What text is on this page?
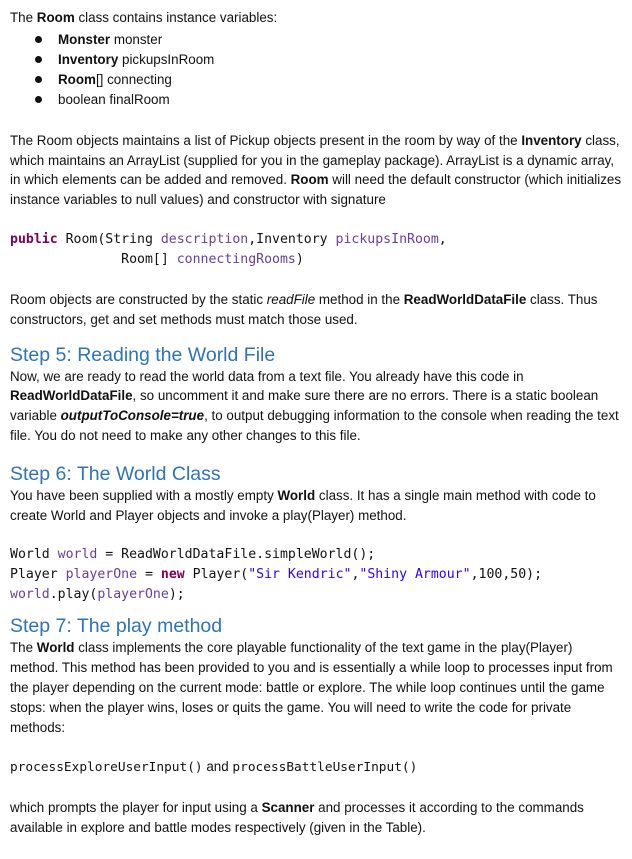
The Room class contains instance variables:

Monster monster
Inventory pickupsInRoom
Room[] connecting
boolean finalRoom

The Room objects maintains a list of Pickup objects present in the room by way of the Inventory class, which maintains an ArrayList (supplied for you in the gameplay package). ArrayList is a dynamic array, in which elements can be added and removed. Room will need the default constructor (which initializes instance variables to null values) and constructor with signature

public Room(String description,Inventory pickupsInRoom,
Room[] connectingRooms)

Room objects are constructed by the static readFile method in the ReadWorldDataFile class. Thus constructors, get and set methods must match those used.

Step 5: Reading the World File

Now, we are ready to read the world data from a text file. You already have this code in ReadWorldDataFile, so uncomment it and make sure there are no errors. There is a static boolean variable outputToConsole=true, to output debugging information to the console when reading the text file. You do not need to make any other changes to this file.

Step 6: The World Class

You have been supplied with a mostly empty World class. It has a single main method with code to create World and Player objects and invoke a play(Player) method.

World world = ReadWorldDataFile.simpleWorld();
Player playerOne = new Player("Sir Kendric","Shiny Armour",100,50);
world.play(playerOne);
Step 7: The play method

The World class implements the core playable functionality of the text game in the play(Player) method. This method has been provided to you and is essentially a while loop to processes input from the player depending on the current mode: battle or explore. The while loop continues until the game stops: when the player wins, loses or quits the game. You will need to write the code for private methods:

processExploreUserInput() and processBattleUserInput()

which prompts the player for input using a Scanner and processes it according to the commands available in explore and battle modes respectively (given in the Table).
